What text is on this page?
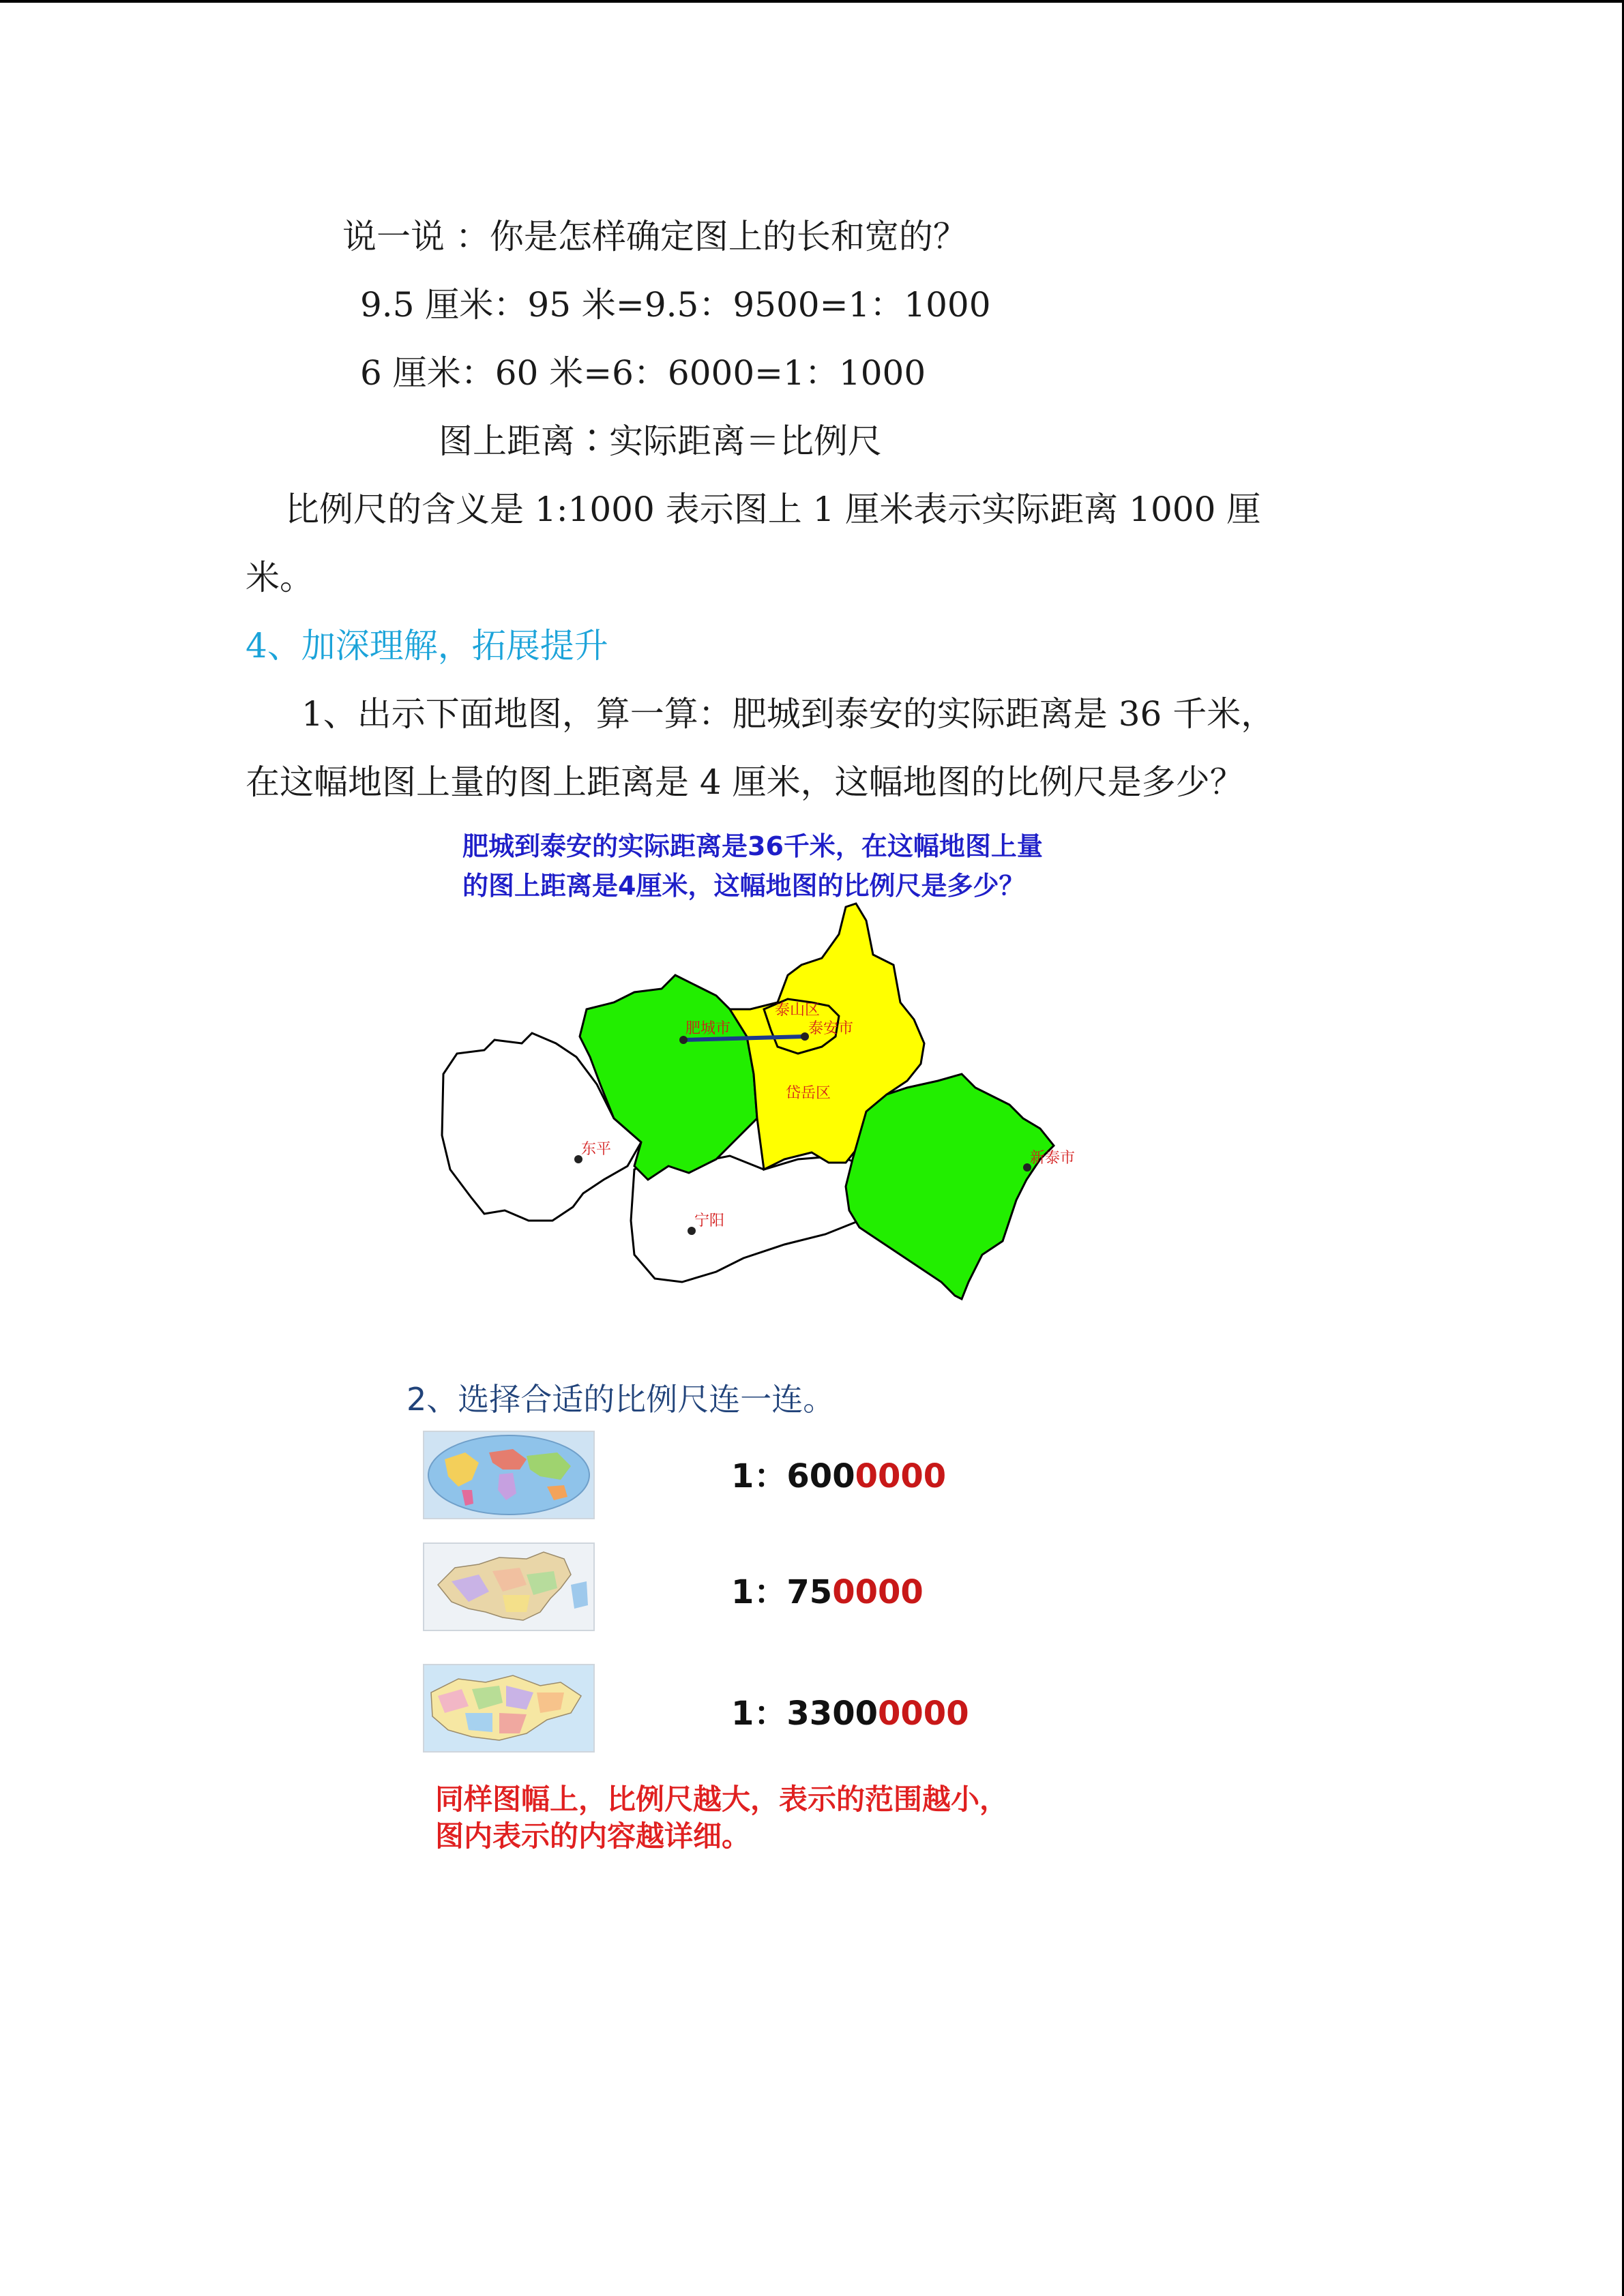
说一说 ：你是怎样确定图上的长和宽的？
9.5 厘米：95 米=9.5：9500=1：1000
6 厘米：60 米=6：6000=1：1000
图上距离∶实际距离＝比例尺
比例尺的含义是 1:1000 表示图上 1 厘米表示实际距离 1000 厘
米。
4、加深理解，拓展提升
1、出示下面地图，算一算：肥城到泰安的实际距离是 36 千米，
在这幅地图上量的图上距离是 4 厘米，这幅地图的比例尺是多少？
肥城到泰安的实际距离是36千米，在这幅地图上量
的图上距离是4厘米，这幅地图的比例尺是多少？
肥城市
泰山区
泰安市
岱岳区
新泰市
东平
宁阳
2、选择合适的比例尺连一连。
1：6000000
1：750000
1：33000000
同样图幅上，比例尺越大，表示的范围越小，
图内表示的内容越详细。
